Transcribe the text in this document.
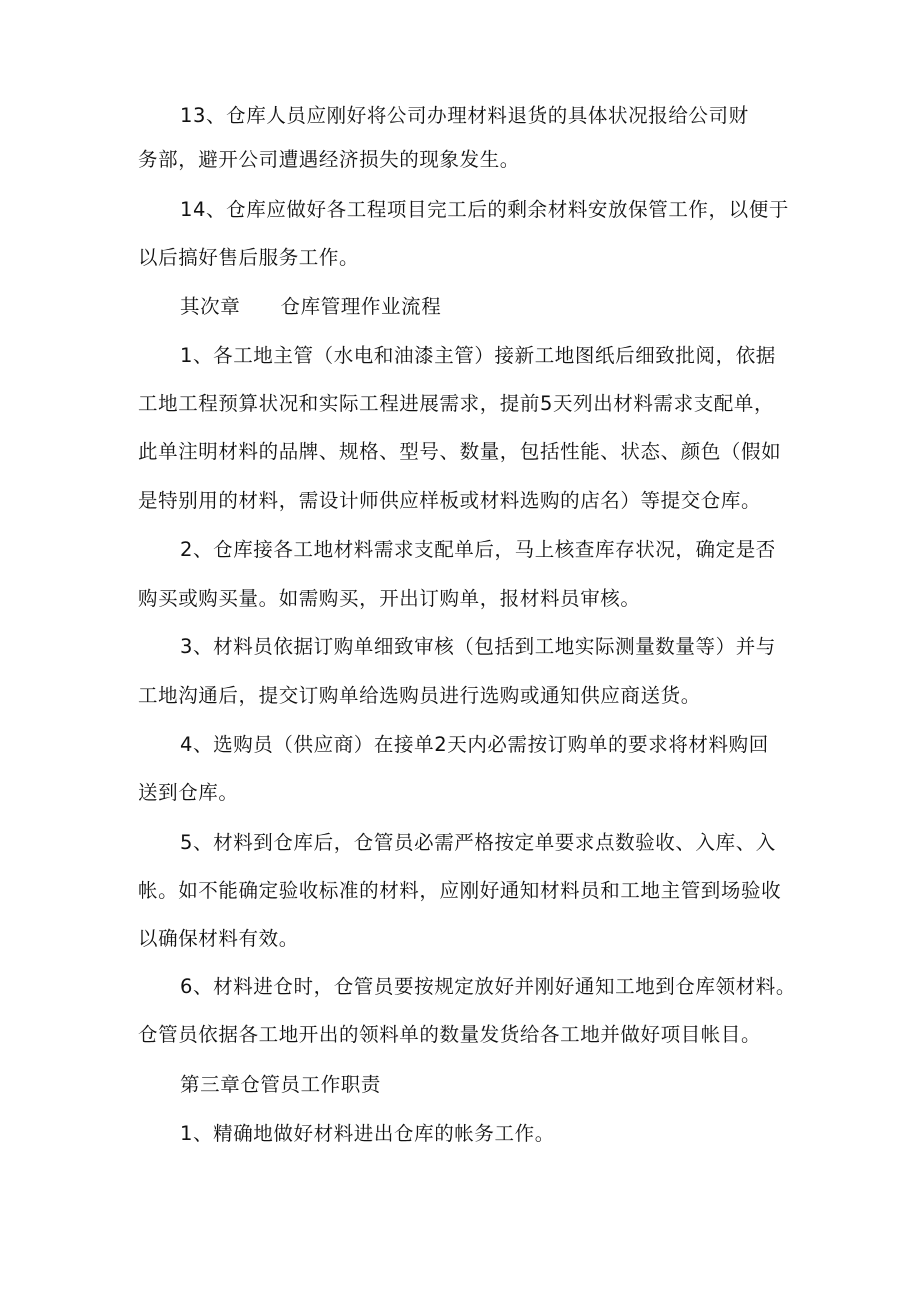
13、仓库人员应刚好将公司办理材料退货的具体状况报给公司财
务部，避开公司遭遇经济损失的现象发生。
14、仓库应做好各工程项目完工后的剩余材料安放保管工作，以便于
以后搞好售后服务工作。
其次章　　仓库管理作业流程
1、各工地主管（水电和油漆主管）接新工地图纸后细致批阅，依据
工地工程预算状况和实际工程进展需求，提前5天列出材料需求支配单，
此单注明材料的品牌、规格、型号、数量，包括性能、状态、颜色（假如
是特别用的材料，需设计师供应样板或材料选购的店名）等提交仓库。
2、仓库接各工地材料需求支配单后，马上核查库存状况，确定是否
购买或购买量。如需购买，开出订购单，报材料员审核。
3、材料员依据订购单细致审核（包括到工地实际测量数量等）并与
工地沟通后，提交订购单给选购员进行选购或通知供应商送货。
4、选购员（供应商）在接单2天内必需按订购单的要求将材料购回
送到仓库。
5、材料到仓库后，仓管员必需严格按定单要求点数验收、入库、入
帐。如不能确定验收标准的材料，应刚好通知材料员和工地主管到场验收
以确保材料有效。
6、材料进仓时，仓管员要按规定放好并刚好通知工地到仓库领材料。
仓管员依据各工地开出的领料单的数量发货给各工地并做好项目帐目。
第三章仓管员工作职责
1、精确地做好材料进出仓库的帐务工作。
